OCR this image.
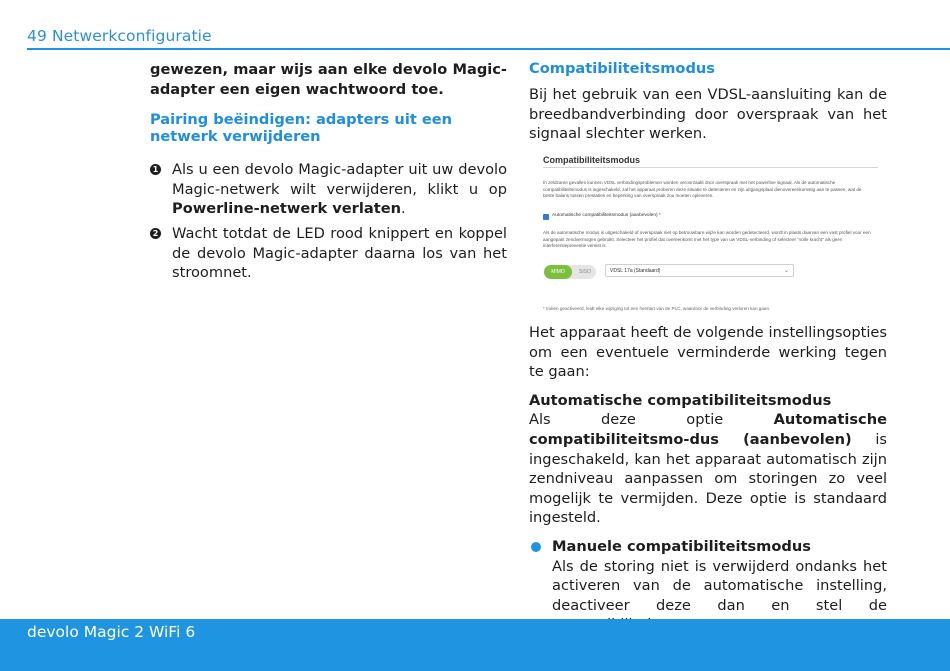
49 Netwerkconfiguratie

gewezen, maar wijs aan elke devolo Magic-

adapter een eigen wachtwoord toe.

Pairing beëindigen: adapters uit een netwerk verwijderen

1 Als u een devolo Magic-adapter uit uw devolo Magic-netwerk wilt verwijderen, klikt u op Powerline-netwerk verlaten.

2 Wacht totdat de LED rood knippert en koppel de devolo Magic-adapter daarna los van het stroomnet.

Compatibiliteitsmodus

Bij het gebruik van een VDSL-aansluiting kan de breedbandverbinding door overspraak van het signaal slechter werken.

Compatibiliteitsmodus
In zeldzame gevallen kunnen VDSL verbindingsproblemen worden veroorzaakt door overspraak met het powerline signaal. Als de automatische compatibiliteitsmodus is ingeschakeld, zal het apparaat proberen deze situatie te detecteren en zijn uitgangsplaal dienovereenkomstig aan te passen, wat de beste balans tussen prestaties en beperking van overspraak zou moeten opleveren.
Automatische compatibiliteitsmodus (aanbevolen) *
Als de automatische modus is uitgeschakeld of overspraak niet op betrouwbare wijze kan worden gedetecteerd, wordt in plaats daarvan een vast profiel voor een aangepast zendvermogen gebruikt. Selecteer het profiel dat overeenkomt met het type van uw VDSL-verbinding of selecteer "volle kracht" als geen interferentiepreventie vereist is.
MIMO	SISO	VDSL 17a (Standaard)	⌄
* Indien geactiveerd, leidt elke wijziging tot een herstart van de PLC, waardoor de verbinding verloren kan gaan.

Het apparaat heeft de volgende instellingsopties om een eventuele verminderde werking tegen te gaan:

Automatische compatibiliteitsmodus

Als deze optie Automatische compatibiliteitsmo-dus (aanbevolen) is ingeschakeld, kan het apparaat automatisch zijn zendniveau aanpassen om storingen zo veel mogelijk te vermijden. Deze optie is standaard ingesteld.

Manuele compatibiliteitsmodus

Als de storing niet is verwijderd ondanks het activeren van de automatische instelling, deactiveer deze dan en stel de

devolo Magic 2 WiFi 6
